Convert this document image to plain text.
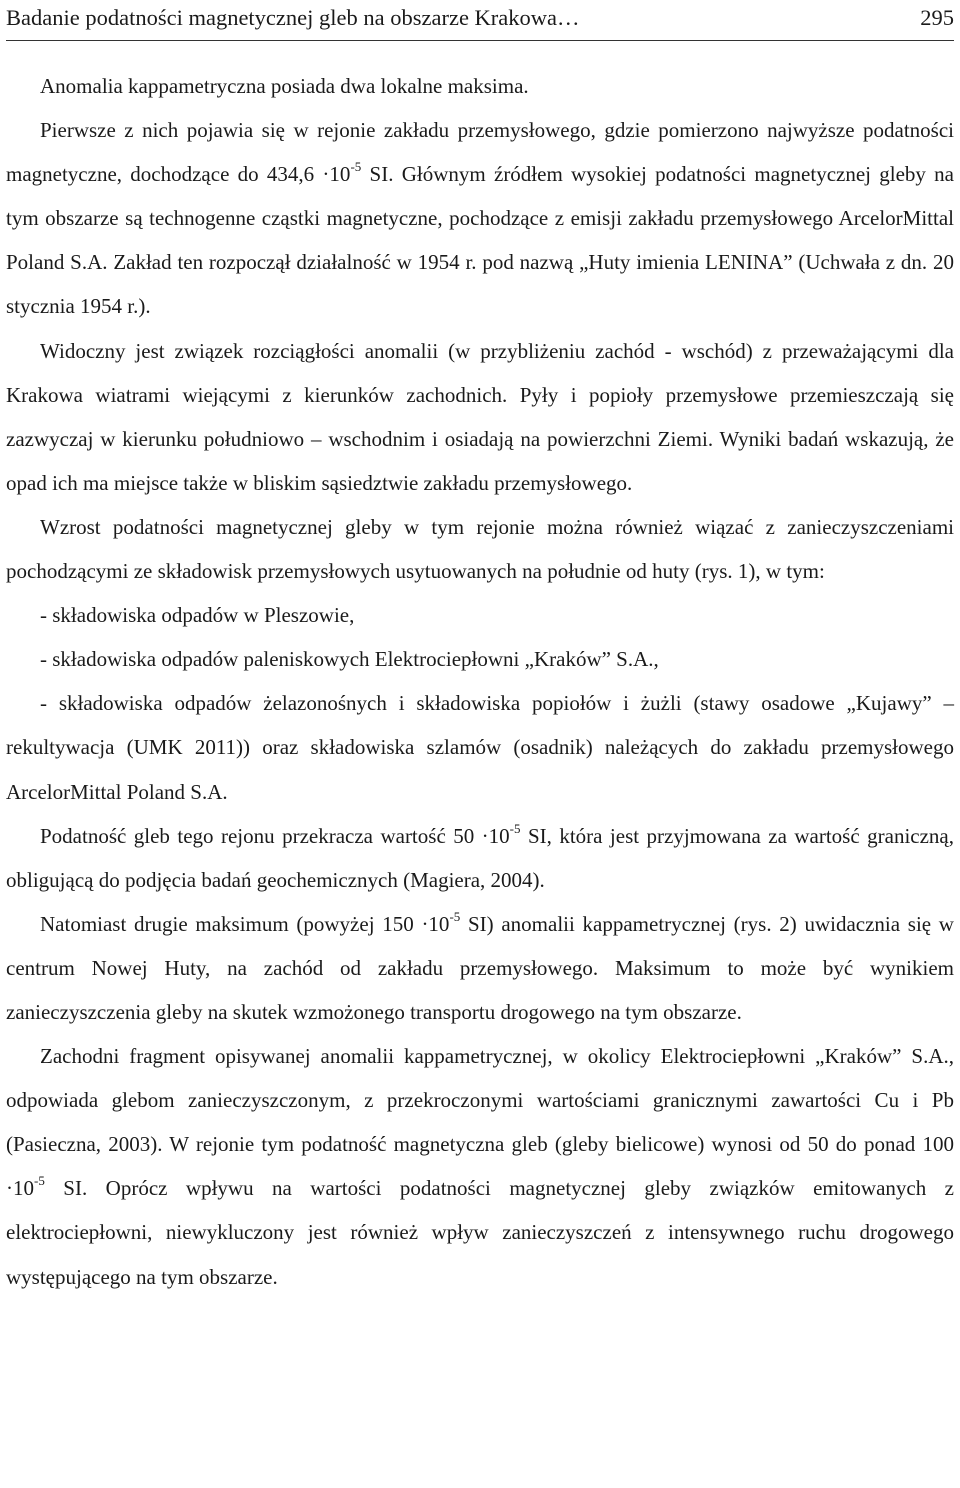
Badanie podatności magnetycznej gleb na obszarze Krakowa…	295

Anomalia kappametryczna posiada dwa lokalne maksima.

Pierwsze z nich pojawia się w rejonie zakładu przemysłowego, gdzie pomierzono najwyższe podatności magnetyczne, dochodzące do $434,6 \cdot 10^{-5}$ SI. Głównym źródłem wysokiej podatności magnetycznej gleby na tym obszarze są technogenne cząstki magnetyczne, pochodzące z emisji zakładu przemysłowego ArcelorMittal Poland S.A. Zakład ten rozpoczął działalność w 1954 r. pod nazwą „Huty imienia LENINA” (Uchwała z dn. 20 stycznia 1954 r.).

Widoczny jest związek rozciągłości anomalii (w przybliżeniu zachód - wschód) z przeważającymi dla Krakowa wiatrami wiejącymi z kierunków zachodnich. Pyły i popioły przemysłowe przemieszczają się zazwyczaj w kierunku południowo – wschodnim i osiadają na powierzchni Ziemi. Wyniki badań wskazują, że opad ich ma miejsce także w bliskim sąsiedztwie zakładu przemysłowego.

Wzrost podatności magnetycznej gleby w tym rejonie można również wiązać z zanieczyszczeniami pochodzącymi ze składowisk przemysłowych usytuowanych na południe od huty (rys. 1), w tym:

- składowiska odpadów w Pleszowie,

- składowiska odpadów paleniskowych Elektrociepłowni „Kraków” S.A.,

- składowiska odpadów żelazonośnych i składowiska popiołów i żużli (stawy osadowe „Kujawy” – rekultywacja (UMK 2011)) oraz składowiska szlamów (osadnik) należących do zakładu przemysłowego ArcelorMittal Poland S.A.

Podatność gleb tego rejonu przekracza wartość $50 \cdot 10^{-5}$ SI, która jest przyjmowana za wartość graniczną, obligującą do podjęcia badań geochemicznych (Magiera, 2004).

Natomiast drugie maksimum (powyżej $150 \cdot 10^{-5}$ SI) anomalii kappametrycznej (rys. 2) uwidacznia się w centrum Nowej Huty, na zachód od zakładu przemysłowego. Maksimum to może być wynikiem zanieczyszczenia gleby na skutek wzmożonego transportu drogowego na tym obszarze.

Zachodni fragment opisywanej anomalii kappametrycznej, w okolicy Elektrociepłowni „Kraków” S.A., odpowiada glebom zanieczyszczonym, z przekroczonymi wartościami granicznymi zawartości Cu i Pb (Pasieczna, 2003). W rejonie tym podatność magnetyczna gleb (gleby bielicowe) wynosi od 50 do ponad $100 \cdot 10^{-5}$ SI. Oprócz wpływu na wartości podatności magnetycznej gleby związków emitowanych z elektrociepłowni, niewykluczony jest również wpływ zanieczyszczeń z intensywnego ruchu drogowego występującego na tym obszarze.
